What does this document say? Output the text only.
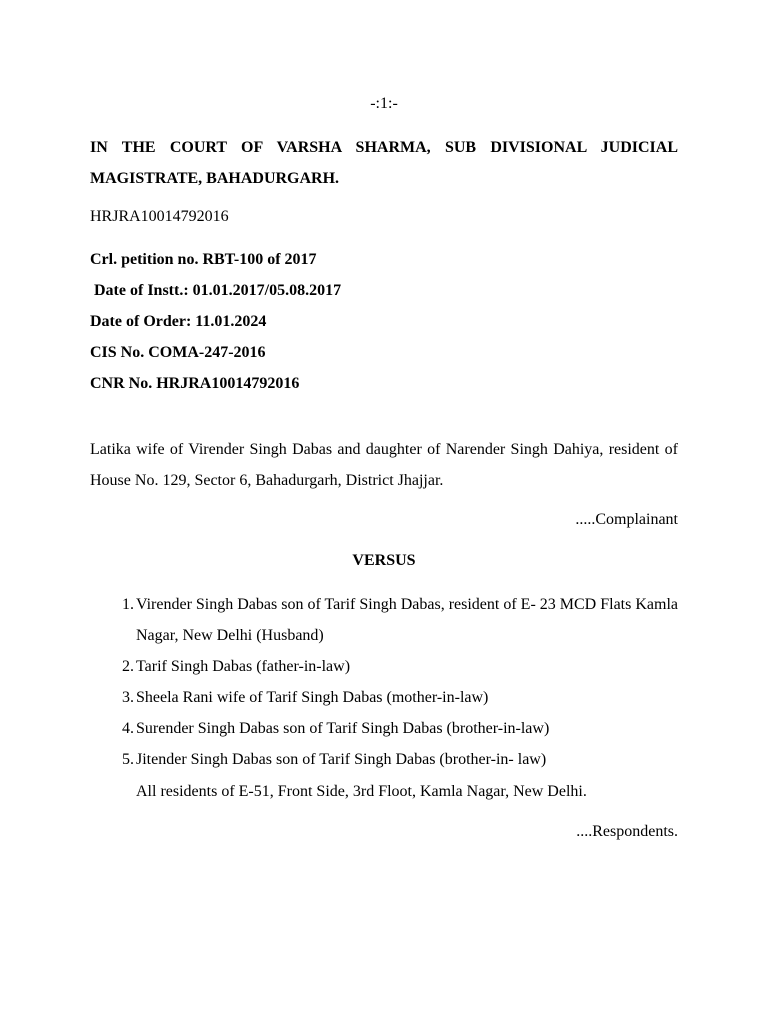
-:1:-
IN THE COURT OF VARSHA SHARMA, SUB DIVISIONAL JUDICIAL MAGISTRATE, BAHADURGARH.
HRJRA10014792016
Crl. petition no. RBT-100 of 2017
Date of Instt.: 01.01.2017/05.08.2017
Date of Order: 11.01.2024
CIS No. COMA-247-2016
CNR No. HRJRA10014792016
Latika wife of Virender Singh Dabas and daughter of Narender Singh Dahiya, resident of House No. 129, Sector 6, Bahadurgarh, District Jhajjar.
.....Complainant
VERSUS
1. Virender Singh Dabas son of Tarif Singh Dabas, resident of E- 23 MCD Flats Kamla Nagar, New Delhi (Husband)
2. Tarif Singh Dabas (father-in-law)
3. Sheela Rani wife of Tarif Singh Dabas (mother-in-law)
4. Surender Singh Dabas son of Tarif Singh Dabas (brother-in-law)
5. Jitender Singh Dabas son of Tarif Singh Dabas (brother-in- law)
All residents of E-51, Front Side, 3rd Floot, Kamla Nagar, New Delhi.
....Respondents.
